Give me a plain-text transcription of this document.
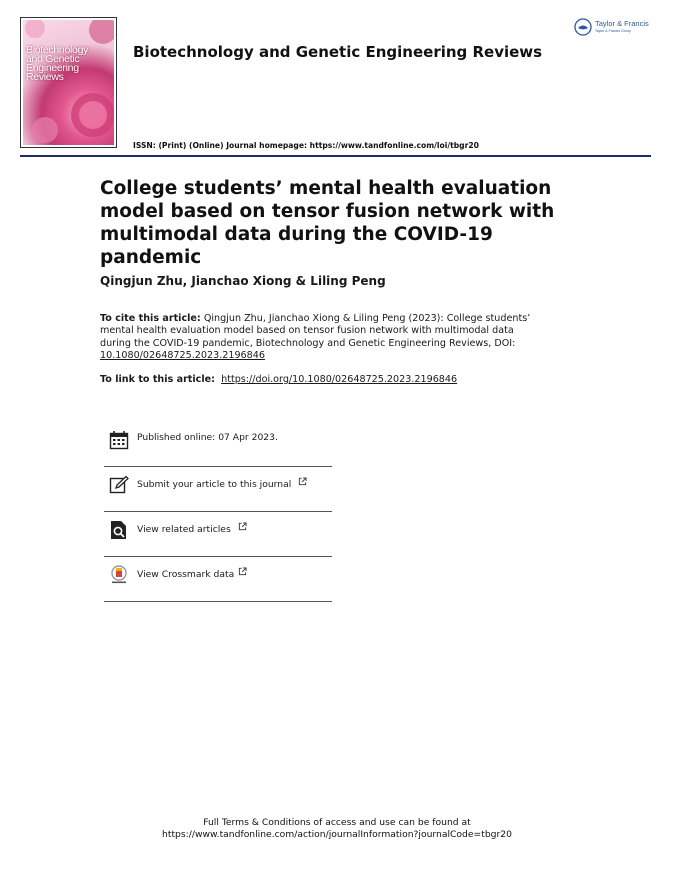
Biotechnology
and Genetic
Engineering
Reviews
Biotechnology and Genetic Engineering Reviews
Taylor & Francis
Taylor & Francis Group
ISSN: (Print) (Online) Journal homepage: https://www.tandfonline.com/loi/tbgr20
College students’ mental health evaluation model based on tensor fusion network with multimodal data during the COVID-19 pandemic
Qingjun Zhu, Jianchao Xiong & Liling Peng
To cite this article: Qingjun Zhu, Jianchao Xiong & Liling Peng (2023): College students’ mental health evaluation model based on tensor fusion network with multimodal data during the COVID-19 pandemic, Biotechnology and Genetic Engineering Reviews, DOI: 10.1080/02648725.2023.2196846
To link to this article: https://doi.org/10.1080/02648725.2023.2196846
Published online: 07 Apr 2023.
Submit your article to this journal
View related articles
View Crossmark data
Full Terms & Conditions of access and use can be found at
https://www.tandfonline.com/action/journalInformation?journalCode=tbgr20
